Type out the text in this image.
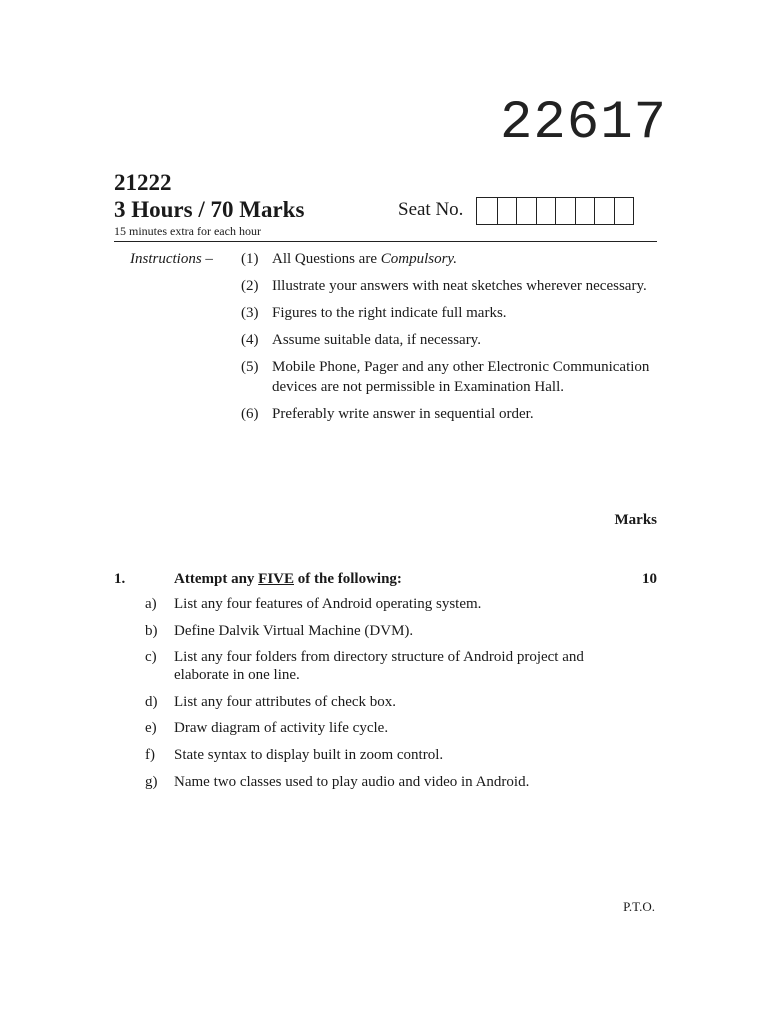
22617
21222
3 Hours / 70 Marks
15 minutes extra for each hour
Seat No.
Instructions – (1) All Questions are Compulsory.
(2) Illustrate your answers with neat sketches wherever necessary.
(3) Figures to the right indicate full marks.
(4) Assume suitable data, if necessary.
(5) Mobile Phone, Pager and any other Electronic Communication devices are not permissible in Examination Hall.
(6) Preferably write answer in sequential order.
Marks
1.	Attempt any FIVE of the following:	10
a)	List any four features of Android operating system.
b)	Define Dalvik Virtual Machine (DVM).
c)	List any four folders from directory structure of Android project and elaborate in one line.
d)	List any four attributes of check box.
e)	Draw diagram of activity life cycle.
f)	State syntax to display built in zoom control.
g)	Name two classes used to play audio and video in Android.
P.T.O.
